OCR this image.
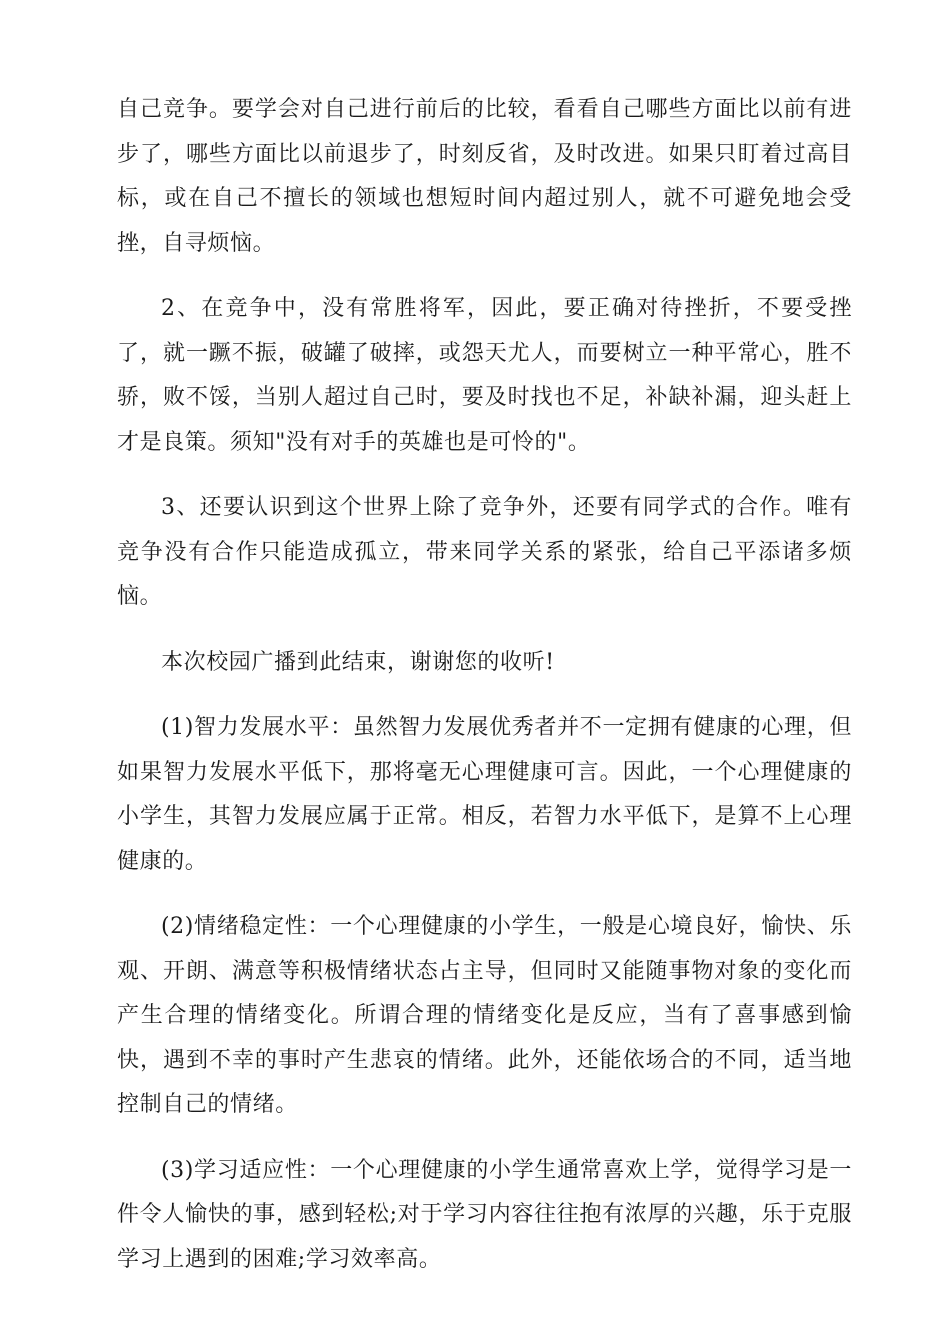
自己竞争。要学会对自己进行前后的比较，看看自己哪些方面比以前有进步了，哪些方面比以前退步了，时刻反省，及时改进。如果只盯着过高目标，或在自己不擅长的领域也想短时间内超过别人，就不可避免地会受挫，自寻烦恼。

2、在竞争中，没有常胜将军，因此，要正确对待挫折，不要受挫了，就一蹶不振，破罐了破摔，或怨天尤人，而要树立一种平常心，胜不骄，败不馁，当别人超过自己时，要及时找也不足，补缺补漏，迎头赶上才是良策。须知"没有对手的英雄也是可怜的"。

3、还要认识到这个世界上除了竞争外，还要有同学式的合作。唯有竞争没有合作只能造成孤立，带来同学关系的紧张，给自己平添诸多烦恼。

本次校园广播到此结束，谢谢您的收听!

(1)智力发展水平：虽然智力发展优秀者并不一定拥有健康的心理，但如果智力发展水平低下，那将毫无心理健康可言。因此，一个心理健康的小学生，其智力发展应属于正常。相反，若智力水平低下，是算不上心理健康的。

(2)情绪稳定性：一个心理健康的小学生，一般是心境良好，愉快、乐观、开朗、满意等积极情绪状态占主导，但同时又能随事物对象的变化而产生合理的情绪变化。所谓合理的情绪变化是反应，当有了喜事感到愉快，遇到不幸的事时产生悲哀的情绪。此外，还能依场合的不同，适当地控制自己的情绪。

(3)学习适应性：一个心理健康的小学生通常喜欢上学，觉得学习是一件令人愉快的事，感到轻松;对于学习内容往往抱有浓厚的兴趣，乐于克服学习上遇到的困难;学习效率高。
